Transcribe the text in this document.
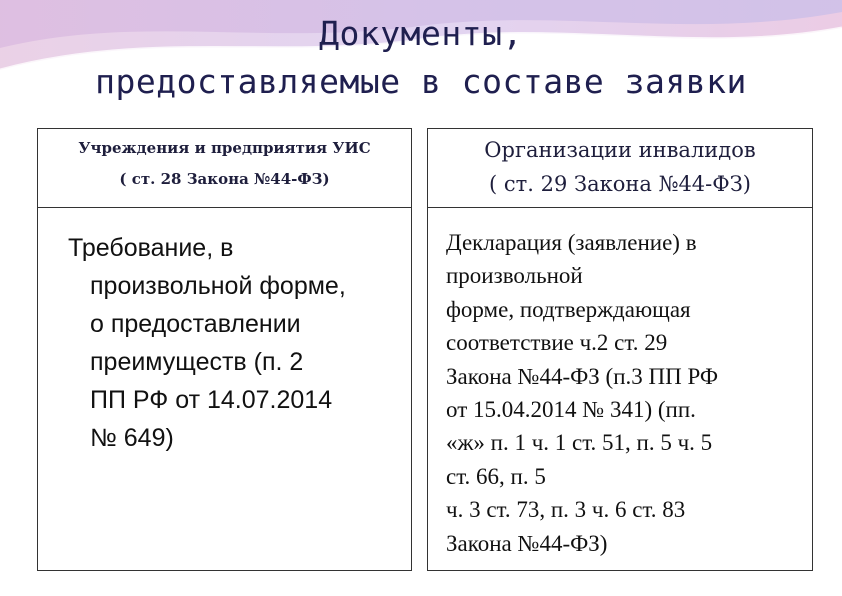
Документы,
предоставляемые в составе заявки
Учреждения и предприятия УИС
( ст. 28 Закона №44-ФЗ)
Требование, в
произвольной форме,
о предоставлении
преимуществ (п. 2
ПП РФ от 14.07.2014
№ 649)
Организации инвалидов
( ст. 29 Закона №44-ФЗ)
Декларация (заявление) в
произвольной
форме, подтверждающая
соответствие ч.2 ст. 29
Закона №44-ФЗ (п.3 ПП РФ
от 15.04.2014 № 341) (пп.
«ж» п. 1 ч. 1 ст. 51, п. 5 ч. 5
ст. 66, п. 5
ч. 3 ст. 73, п. 3 ч. 6 ст. 83
Закона №44-ФЗ)
